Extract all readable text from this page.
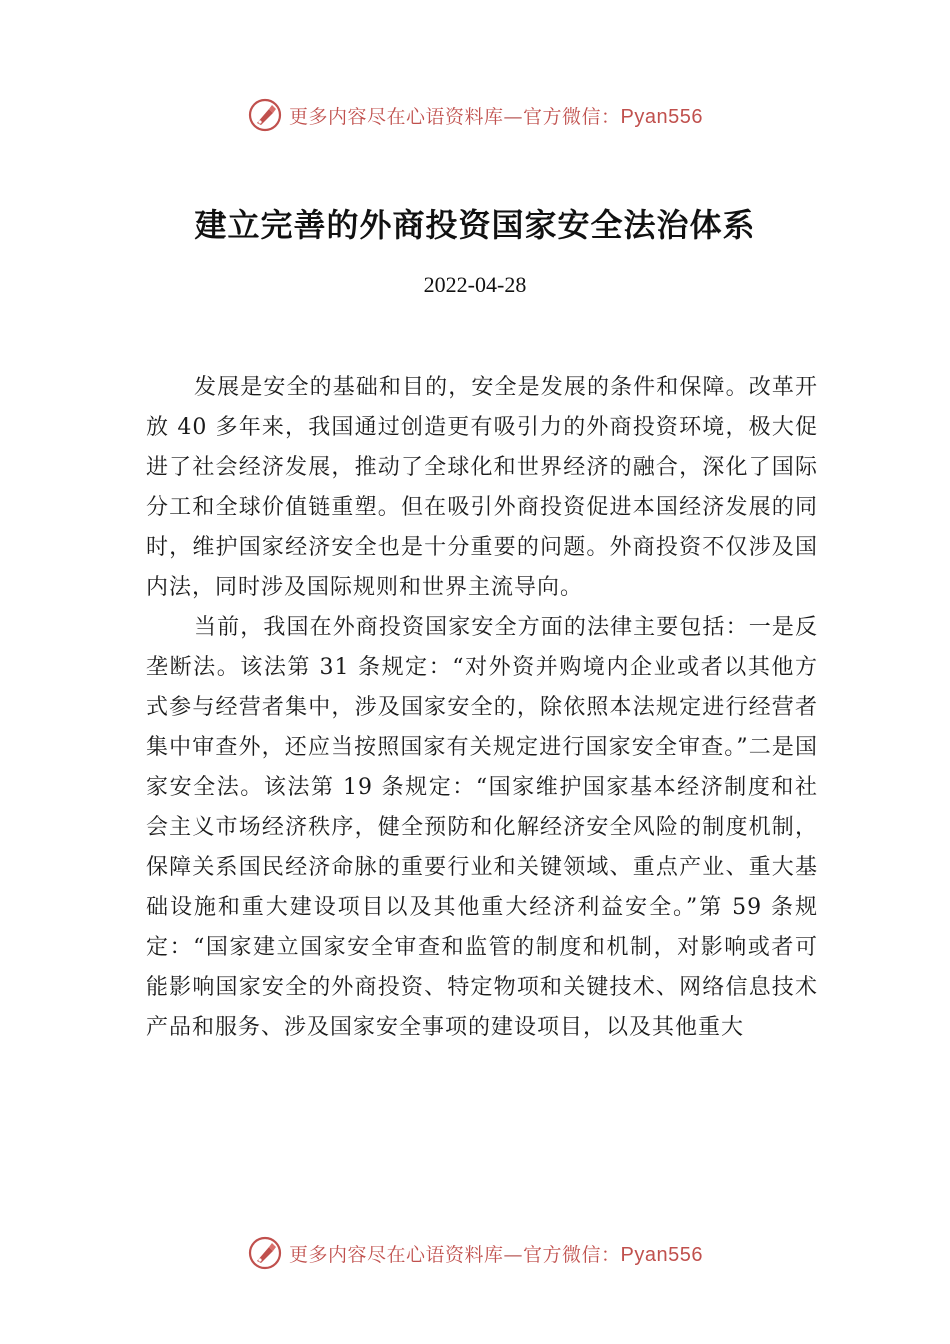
更多内容尽在心语资料库—官方微信：Pyan556
建立完善的外商投资国家安全法治体系
2022-04-28

发展是安全的基础和目的，安全是发展的条件和保障。改革开放 40 多年来，我国通过创造更有吸引力的外商投资环境，极大促进了社会经济发展，推动了全球化和世界经济的融合，深化了国际分工和全球价值链重塑。但在吸引外商投资促进本国经济发展的同时，维护国家经济安全也是十分重要的问题。外商投资不仅涉及国内法，同时涉及国际规则和世界主流导向。

当前，我国在外商投资国家安全方面的法律主要包括：一是反垄断法。该法第 31 条规定：“对外资并购境内企业或者以其他方式参与经营者集中，涉及国家安全的，除依照本法规定进行经营者集中审查外，还应当按照国家有关规定进行国家安全审查。”二是国家安全法。该法第 19 条规定：“国家维护国家基本经济制度和社会主义市场经济秩序，健全预防和化解经济安全风险的制度机制，保障关系国民经济命脉的重要行业和关键领域、重点产业、重大基础设施和重大建设项目以及其他重大经济利益安全。”第 59 条规定：“国家建立国家安全审查和监管的制度和机制，对影响或者可能影响国家安全的外商投资、特定物项和关键技术、网络信息技术产品和服务、涉及国家安全事项的建设项目，以及其他重大

更多内容尽在心语资料库—官方微信：Pyan556
